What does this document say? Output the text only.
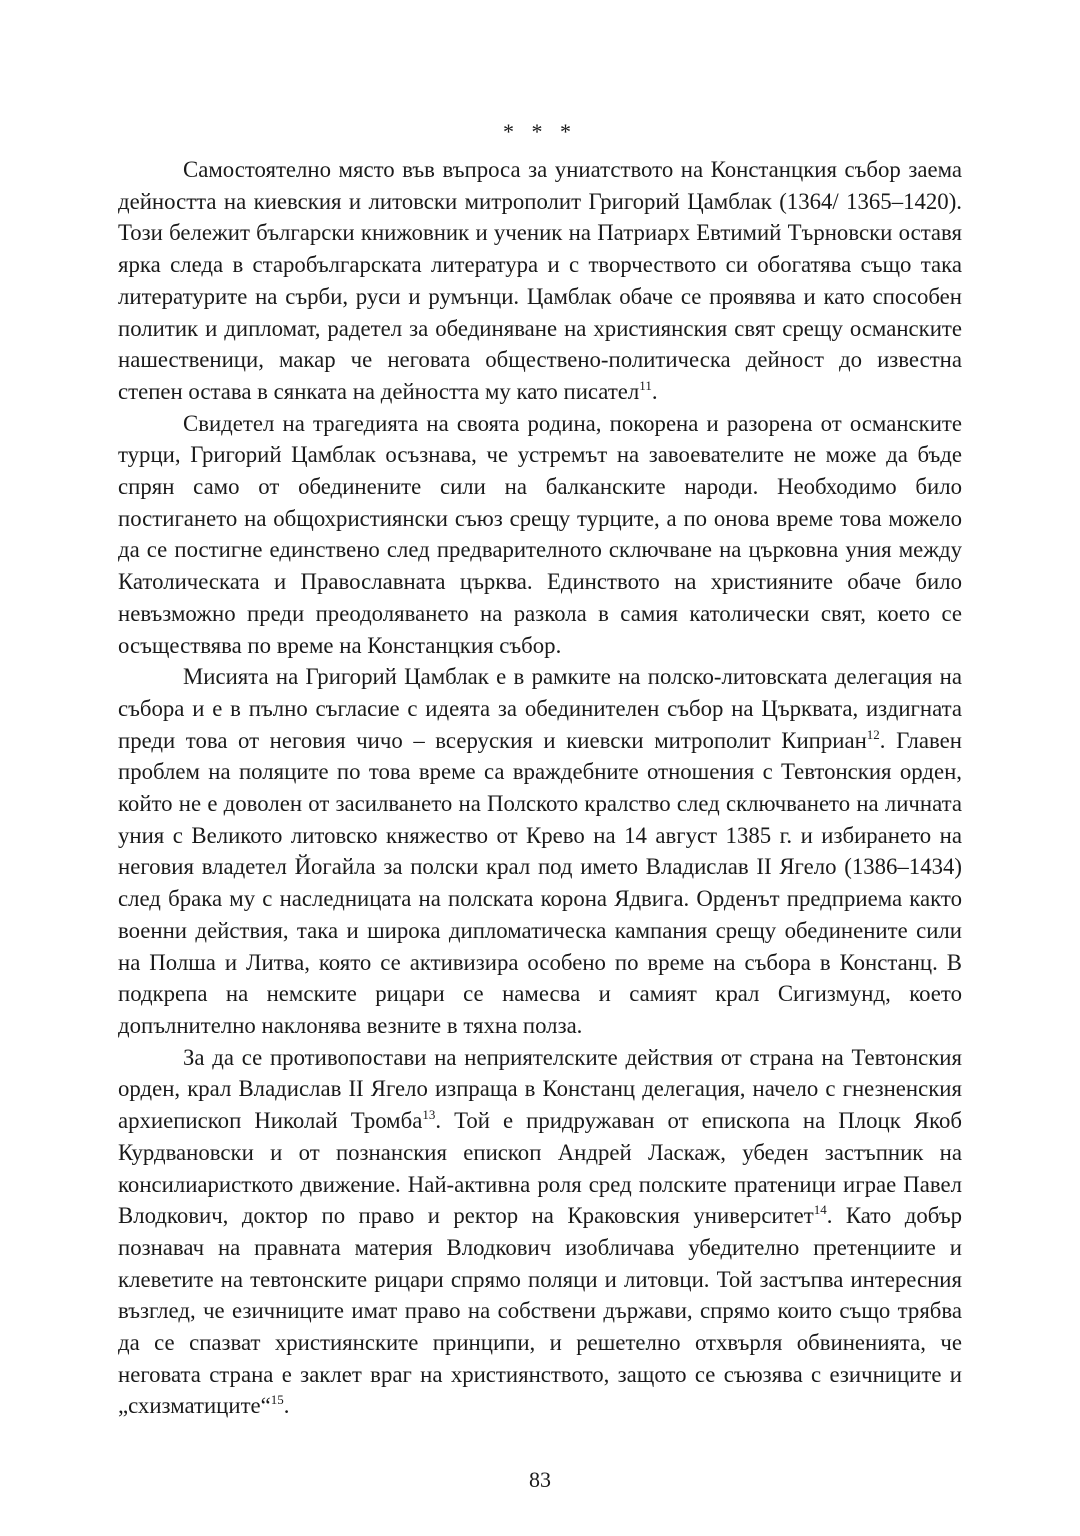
* * *

Самостоятелно място във въпроса за униатството на Констанцкия събор заема дейността на киевския и литовски митрополит Григорий Цамблак (1364/ 1365–1420). Този бележит български книжовник и ученик на Патриарх Евтимий Търновски оставя ярка следа в старобългарската литература и с творчеството си обогатява също така литературите на сърби, руси и румънци. Цамблак обаче се проявява и като способен политик и дипломат, радетел за обединяване на християнския свят срещу османските нашественици, макар че неговата обществено-политическа дейност до известна степен остава в сянката на дейността му като писател$^{11}$.

Свидетел на трагедията на своята родина, покорена и разорена от османските турци, Григорий Цамблак осъзнава, че устремът на завоевателите не може да бъде спрян само от обединените сили на балканските народи. Необходимо било постигането на общохристиянски съюз срещу турците, а по онова време това можело да се постигне единствено след предварителното сключване на църковна уния между Католическата и Православната църква. Единството на християните обаче било невъзможно преди преодоляването на разкола в самия католически свят, което се осъществява по време на Констанцкия събор.

Мисията на Григорий Цамблак е в рамките на полско-литовската делегация на събора и е в пълно съгласие с идеята за обединителен събор на Църквата, издигната преди това от неговия чичо – всеруския и киевски митрополит Киприан$^{12}$. Главен проблем на поляците по това време са враждебните отношения с Тевтонския орден, който не е доволен от засилването на Полското кралство след сключването на личната уния с Великото литовско княжество от Крево на 14 август 1385 г. и избирането на неговия владетел Йогайла за полски крал под името Владислав II Ягело (1386–1434) след брака му с наследницата на полската корона Ядвига. Орденът предприема както военни действия, така и широка дипломатическа кампания срещу обединените сили на Полша и Литва, която се активизира особено по време на събора в Констанц. В подкрепа на немските рицари се намесва и самият крал Сигизмунд, което допълнително наклонява везните в тяхна полза.

За да се противопостави на неприятелските действия от страна на Тевтонския орден, крал Владислав II Ягело изпраща в Констанц делегация, начело с гнезненския архиепископ Николай Тромба$^{13}$. Той е придружаван от епископа на Плоцк Якоб Курдвановски и от познанския епископ Андрей Ласкаж, убеден застъпник на консилиаристкото движение. Най-активна роля сред полските пратеници играе Павел Влодкович, доктор по право и ректор на Краковския университет$^{14}$. Като добър познавач на правната материя Влодкович изобличава убедително претенциите и клеветите на тевтонските рицари спрямо поляци и литовци. Той застъпва интересния възглед, че езичниците имат право на собствени държави, спрямо които също трябва да се спазват християнските принципи, и решетелно отхвърля обвиненията, че неговата страна е заклет враг на християнството, защото се съюзява с езичниците и „схизматиците“$^{15}$.

83
